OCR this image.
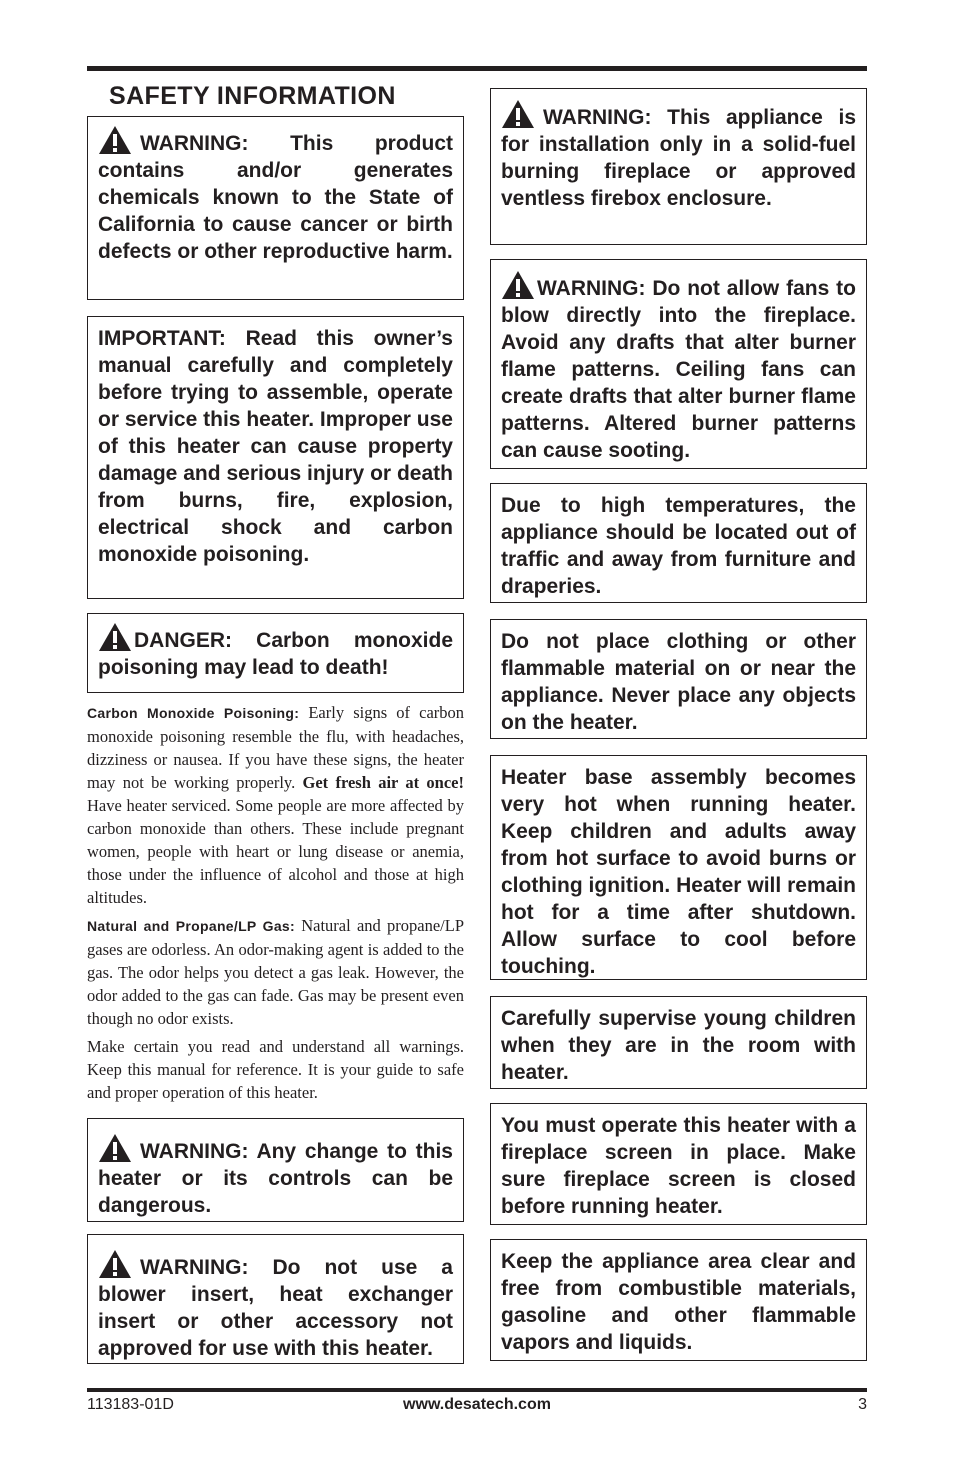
SAFETY INFORMATION
WARNING: This product contains and/or generates chemicals known to the State of California to cause cancer or birth defects or other reproductive harm.
IMPORTANT: Read this owner’s manual carefully and completely before trying to assemble, operate or service this heater. Improper use of this heater can cause property damage and serious injury or death from burns, fire, explosion, electrical shock and carbon monoxide poisoning.
DANGER: Carbon monoxide poisoning may lead to death!

Carbon Monoxide Poisoning: Early signs of carbon monoxide poisoning resemble the flu, with headaches, dizziness or nausea. If you have these signs, the heater may not be working properly. Get fresh air at once! Have heater serviced. Some people are more affected by carbon monoxide than others. These include pregnant women, people with heart or lung disease or anemia, those under the influence of alcohol and those at high altitudes.

Natural and Propane/LP Gas: Natural and propane/LP gases are odorless. An odor-making agent is added to the gas. The odor helps you detect a gas leak. However, the odor added to the gas can fade. Gas may be present even though no odor exists.

Make certain you read and understand all warnings. Keep this manual for reference. It is your guide to safe and proper operation of this heater.

WARNING: Any change to this heater or its controls can be dangerous.
WARNING: Do not use a blower insert, heat exchanger insert or other accessory not approved for use with this heater.
WARNING: This appliance is for installation only in a solid-fuel burning fireplace or approved ventless firebox enclosure.
WARNING: Do not allow fans to blow directly into the fireplace. Avoid any drafts that alter burner flame patterns. Ceiling fans can create drafts that alter burner flame patterns. Altered burner patterns can cause sooting.
Due to high temperatures, the appliance should be located out of traffic and away from furniture and draperies.
Do not place clothing or other flammable material on or near the appliance. Never place any objects on the heater.
Heater base assembly becomes very hot when running heater. Keep children and adults away from hot surface to avoid burns or clothing ignition. Heater will remain hot for a time after shutdown. Allow surface to cool before touching.
Carefully supervise young children when they are in the room with heater.
You must operate this heater with a fireplace screen in place. Make sure fireplace screen is closed before running heater.
Keep the appliance area clear and free from combustible materials, gasoline and other flammable vapors and liquids.
113183-01D	www.desatech.com	3
